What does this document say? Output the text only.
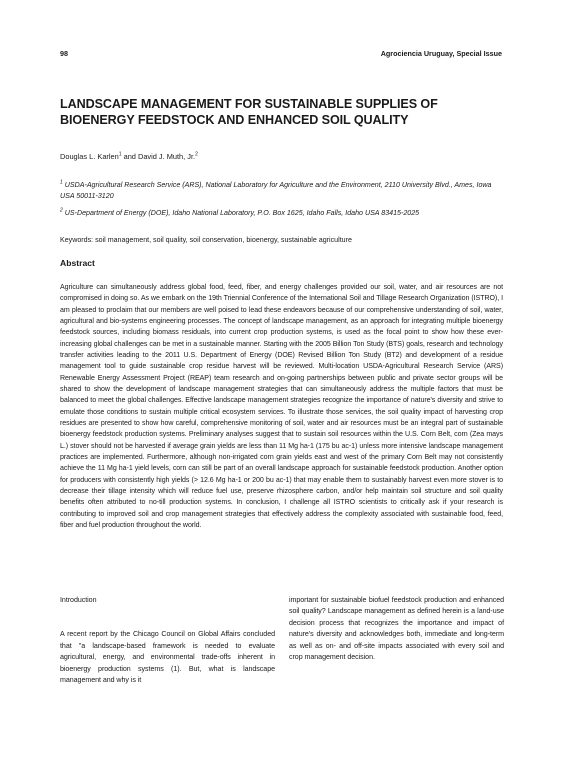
98	Agrociencia Uruguay, Special Issue
LANDSCAPE MANAGEMENT FOR SUSTAINABLE SUPPLIES OF BIOENERGY FEEDSTOCK AND ENHANCED SOIL QUALITY
Douglas L. Karlen$^1$ and David J. Muth, Jr.$^2$
$^1$ USDA-Agricultural Research Service (ARS), National Laboratory for Agriculture and the Environment, 2110 University Blvd., Ames, Iowa USA 50011-3120
$^2$ US-Department of Energy (DOE), Idaho National Laboratory, P.O. Box 1625, Idaho Falls, Idaho USA 83415-2025
Keywords: soil management, soil quality, soil conservation, bioenergy, sustainable agriculture
Abstract
Agriculture can simultaneously address global food, feed, fiber, and energy challenges provided our soil, water, and air resources are not compromised in doing so. As we embark on the 19th Triennial Conference of the International Soil and Tillage Research Organization (ISTRO), I am pleased to proclaim that our members are well poised to lead these endeavors because of our comprehensive understanding of soil, water, agricultural and bio-systems engineering processes. The concept of landscape management, as an approach for integrating multiple bioenergy feedstock sources, including biomass residuals, into current crop production systems, is used as the focal point to show how these ever-increasing global challenges can be met in a sustainable manner. Starting with the 2005 Billion Ton Study (BTS) goals, research and technology transfer activities leading to the 2011 U.S. Department of Energy (DOE) Revised Billion Ton Study (BT2) and development of a residue management tool to guide sustainable crop residue harvest will be reviewed. Multi-location USDA-Agricultural Research Service (ARS) Renewable Energy Assessment Project (REAP) team research and on-going partnerships between public and private sector groups will be shared to show the development of landscape management strategies that can simultaneously address the multiple factors that must be balanced to meet the global challenges. Effective landscape management strategies recognize the importance of nature's diversity and strive to emulate those conditions to sustain multiple critical ecosystem services. To illustrate those services, the soil quality impact of harvesting crop residues are presented to show how careful, comprehensive monitoring of soil, water and air resources must be an integral part of sustainable bioenergy feedstock production systems. Preliminary analyses suggest that to sustain soil resources within the U.S. Corn Belt, corn (Zea mays L.) stover should not be harvested if average grain yields are less than 11 Mg ha-1 (175 bu ac-1) unless more intensive landscape management practices are implemented. Furthermore, although non-irrigated corn grain yields east and west of the primary Corn Belt may not consistently achieve the 11 Mg ha-1 yield levels, corn can still be part of an overall landscape approach for sustainable feedstock production. Another option for producers with consistently high yields (> 12.6 Mg ha-1 or 200 bu ac-1) that may enable them to sustainably harvest even more stover is to decrease their tillage intensity which will reduce fuel use, preserve rhizosphere carbon, and/or help maintain soil structure and soil quality benefits often attributed to no-till production systems. In conclusion, I challenge all ISTRO scientists to critically ask if your research is contributing to improved soil and crop management strategies that effectively address the complexity associated with sustainable food, feed, fiber and fuel production throughout the world.
Introduction

A recent report by the Chicago Council on Global Affairs concluded that "a landscape-based framework is needed to evaluate agricultural, energy, and environmental trade-offs inherent in bioenergy production systems (1). But, what is landscape management and why is it

important for sustainable biofuel feedstock production and enhanced soil quality? Landscape management as defined herein is a land-use decision process that recognizes the importance and impact of nature's diversity and acknowledges both, immediate and long-term as well as on- and off-site impacts associated with every soil and crop management decision.
